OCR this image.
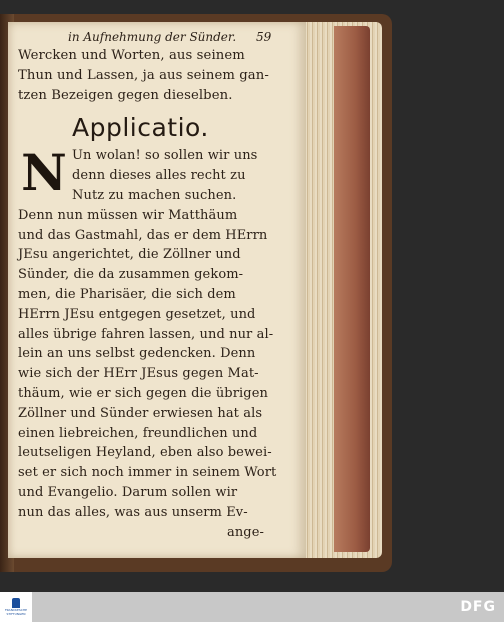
in Aufnehmung der Sünder. 59
Wercken und Worten, aus seinem
Thun und Lassen, ja aus seinem gan-
tzen Bezeigen gegen dieselben.
Applicatio.
N Un wolan! so sollen wir uns
denn dieses alles recht zu
Nutz zu machen suchen.
Denn nun müssen wir Matthäum
und das Gastmahl, das er dem HErrn
JEsu angerichtet, die Zöllner und
Sünder, die da zusammen gekom-
men, die Pharisäer, die sich dem
HErrn JEsu entgegen gesetzet, und
alles übrige fahren lassen, und nur al-
lein an uns selbst gedencken. Denn
wie sich der HErr JEsus gegen Mat-
thäum, wie er sich gegen die übrigen
Zöllner und Sünder erwiesen hat als
einen liebreichen, freundlichen und
leutseligen Heyland, eben also bewei-
set er sich noch immer in seinem Wort
und Evangelio. Darum sollen wir
nun das alles, was aus unserm Ev-
ange-
FRANCKESCHE STIFTUNGEN	DFG
